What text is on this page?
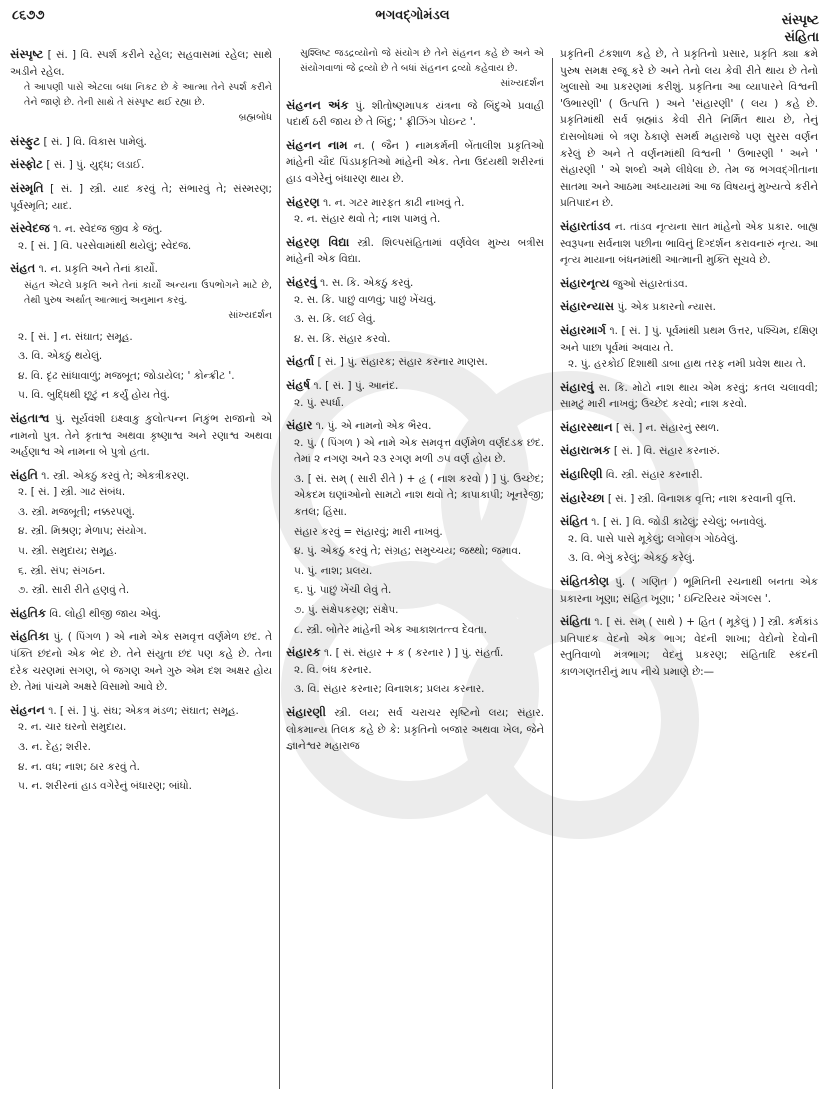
૮૬૭૭	ભગવદ્ગોમંડલ	સંસ્પૃષ્ટ
સંહિતા
સંસ્પૃષ્ટ [ સં. ] વિ. સ્પર્શ કરીને રહેલ; સહવાસમાં રહેલ; સાથે અડીને રહેલ.
તે આપણી પાસે એટલા બધા નિકટ છે કે આત્મા તેને સ્પર્શ કરીને તેને જાણે છે. તેની સાથે તે સંસ્પૃષ્ટ થઈ રહ્યા છે.
બ્રહ્મબોધ
સંસ્ફુટ [ સં. ] વિ. વિકાસ પામેલું.
સંસ્ફોટ [ સં. ] પું. યુદ્ધ; લડાઈ.
સંસ્મૃતિ [ સં. ] સ્ત્રી. યાદ કરવું તે; સંભારવું તે; સંસ્મરણ; પૂર્વસ્મૃતિ; યાદ.
સંસ્વેદજ ૧. ન. સ્વેદજ જીવ કે જંતુ.
૨. [ સં. ] વિ. પરસેવામાંથી થયેલું; સ્વેદજ.
સંહત ૧. ન. પ્રકૃતિ અને તેનાં કાર્યો.
સંહત એટલે પ્રકૃતિ અને તેનાં કાર્યો અન્યના ઉપભોગને માટે છે, તેથી પુરુષ અર્થાત્ આત્માનું અનુમાન કરવું.
સાંખ્યદર્શન
૨. [ સં. ] ન. સંઘાત; સમૂહ.
૩. વિ. એકઠું થયેલું.
૪. વિ. દૃઢ સાંધાવાળું; મજબૂત; જોડાયેલ; ' કોન્ક્રીટ '.
૫. વિ. બુદ્ધિથી છૂટું ન કર્યું હોય તેવું.
સંહતાશ્વ પું. સૂર્યવંશી ઇક્ષ્વાકુ કુલોત્પન્ન નિકુંભ રાજાનો એ નામનો પુત્ર. તેને કૃતાશ્વ અથવા કૃષ્ણાશ્વ અને રણાશ્વ અથવા અર્હણાશ્વ એ નામના બે પુત્રો હતા.
સંહતિ ૧. સ્ત્રી. એકઠું કરવું તે; એકત્રીકરણ.
૨. [ સં. ] સ્ત્રી. ગાઢ સંબંધ.
૩. સ્ત્રી. મજબૂતી; નક્કરપણું.
૪. સ્ત્રી. મિશ્રણ; મેળાપ; સંયોગ.
૫. સ્ત્રી. સમુદાય; સમૂહ.
૬. સ્ત્રી. સંપ; સંગઠન.
૭. સ્ત્રી. સારી રીતે હણવું તે.
સંહતિક વિ. લોહી થીજી જાય એવું.
સંહતિકા પું. ( પિંગળ ) એ નામે એક સમવૃત્ત વર્ણમેળ છંદ. તે પંક્તિ છંદનો એક ભેદ છે. તેને સંયુતા છંદ પણ કહે છે. તેના દરેક ચરણમાં સગણ, બે જગણ અને ગુરુ એમ દશ અક્ષર હોય છે. તેમાં પાંચમે અક્ષરે વિસામો આવે છે.
સંહનન ૧. [ સં. ] પું. સંઘ; એકત્ર મંડળ; સંઘાત; સમૂહ.
૨. ન. ચાર ઘરનો સમુદાય.
૩. ન. દેહ; શરીર.
૪. ન. વધ; નાશ; ઠાર કરવું તે.
૫. ન. શરીરનાં હાડ વગેરેનું બંધારણ; બાંધો.
સુશ્લિષ્ટ જડદ્રવ્યોનો જે સંયોગ છે તેને સંહનન કહે છે અને એ સંયોગવાળાં જે દ્રવ્યો છે તે બધાં સંહનન દ્રવ્યો કહેવાય છે.
સાંખ્યદર્શન
સંહનન અંક પું. શીતોષ્ણમાપક યંત્રના જે બિંદુએ પ્રવાહી પદાર્થ ઠરી જાય છે તે બિંદુ; ' ફ્રીઝિંગ પોઇન્ટ '.
સંહનન નામ ન. ( જૈન ) નામકર્મની બેંતાલીશ પ્રકૃતિઓ માંહેની ચૌદ પિંડપ્રકૃતિઓ માંહેની એક. તેના ઉદયથી શરીરનાં હાડ વગેરેનું બંધારણ થાય છે.
સંહરણ ૧. ન. ગટર મારફત કાઢી નાખવું તે.
૨. ન. સંહાર થવો તે; નાશ પામવું તે.
સંહરણ વિદ્યા સ્ત્રી. શિલ્પસંહિતામાં વર્ણવેલ મુખ્ય બત્રીસ માંહેની એક વિદ્યા.
સંહરવું ૧. સ. કિ. એકઠું કરવું.
૨. સ. કિ. પાછું વાળવું; પાછું ખેંચવું.
૩. સ. કિ. લઈ લેવું.
૪. સ. કિ. સંહાર કરવો.
સંહર્તા [ સં. ] પું. સંહારક; સંહાર કરનાર માણસ.
સંહર્ષ ૧. [ સં. ] પું. આનંદ.
૨. પું. સ્પર્ધા.
સંહાર ૧. પું. એ નામનો એક ભૈરવ.
૨. પું. ( પિંગળ ) એ નામે એક સમવૃત્ત વર્ણમેળ વર્ણદંડક છંદ. તેમાં ૨ નગણ અને ૨૩ રગણ મળી ૭૫ વર્ણ હોય છે.
૩. [ સં. સમ્ ( સારી રીતે ) + હૃ ( નાશ કરવો ) ] પું. ઉચ્છેદ; એકદમ ઘણાંઓનો સામટો નાશ થવો તે; કાપાકાપી; ખૂનરેજી; કતલ; હિંસા.
સંહાર કરવું = સંહારવું; મારી નાખવું.
૪. પું. એકઠું કરવું તે; સંગ્રહ; સમુચ્ચય; જથ્થો; જમાવ.
૫. પું. નાશ; પ્રલય.
૬. પું. પાછું ખેંચી લેવું તે.
૭. પું. સંક્ષેપકરણ; સંક્ષેપ.
૮. સ્ત્રી. બોતેર માંહેની એક આકાશતત્ત્વ દેવતા.
સંહારક ૧. [ સં. સંહાર + ક ( કરનાર ) ] પું. સંહર્તા.
૨. વિ. બંધ કરનાર.
૩. વિ. સંહાર કરનાર; વિનાશક; પ્રલય કરનાર.
સંહારણી સ્ત્રી. લય; સર્વ ચરાચર સૃષ્ટિનો લય; સંહાર. લોકમાન્ય તિલક કહે છે કે: પ્રકૃતિનો બજાર અથવા ખેલ, જેને જ્ઞાનેશ્વર મહારાજ
પ્રકૃતિની ટંકશાળ કહે છે, તે પ્રકૃતિનો પ્રસાર, પ્રકૃતિ ક્યા ક્રમે પુરુષ સમક્ષ રજૂ કરે છે અને તેનો લય કેવી રીતે થાય છે તેનો ખુલાસો આ પ્રકરણમાં કરીશું. પ્રકૃતિના આ વ્યાપારને વિશ્વની 'ઉભારણી' ( ઉત્પત્તિ ) અને 'સંહારણી' ( લય ) કહે છે. પ્રકૃતિમાંથી સર્વ બ્રહ્માંડ કેવી રીતે નિર્મિત થાય છે, તેનું દાસબોધમાં બે ત્રણ ઠેકાણે સમર્થ મહારાજે પણ સુરસ વર્ણન કરેલું છે અને તે વર્ણનમાંથી વિશ્વની ' ઉભારણી ' અને ' સંહારણી ' એ શબ્દો અમે લીધેલા છે. તેમ જ ભગવદ્ગીતાના સાતમા અને આઠમા અધ્યાયમાં આ જ વિષયનું મુખ્યત્વે કરીને પ્રતિપાદન છે.
સંહારતાંડવ ન. તાંડવ નૃત્યના સાત માંહેનો એક પ્રકાર. બાહ્ય સ્વરૂપના સર્વનાશ પછીના ભાવિનું દિગ્દર્શન કરાવનારું નૃત્ય. આ નૃત્ય માયાના બંધનમાંથી આત્માની મુક્તિ સૂચવે છે.
સંહારનૃત્ય જુઓ સંહારતાંડવ.
સંહારન્યાસ પું. એક પ્રકારનો ન્યાસ.
સંહારમાર્ગ ૧. [ સં. ] પું. પૂર્વમાંથી પ્રથમ ઉત્તર, પશ્ચિમ, દક્ષિણ અને પાછા પૂર્વમાં અવાય તે.
૨. પું. હરકોઈ દિશાથી ડાબા હાથ તરફ નમી પ્રવેશ થાય તે.
સંહારવું સ. કિ. મોટો નાશ થાય એમ કરવું; કતલ ચલાવવી; સામટું મારી નાખવું; ઉચ્છેદ કરવો; નાશ કરવો.
સંહારસ્થાન [ સં. ] ન. સંહારનું સ્થળ.
સંહારાત્મક [ સં. ] વિ. સંહાર કરનારું.
સંહારિણી વિ. સ્ત્રી. સંહાર કરનારી.
સંહારેચ્છા [ સં. ] સ્ત્રી. વિનાશક વૃત્તિ; નાશ કરવાની વૃત્તિ.
સંહિત ૧. [ સં. ] વિ. જોડી કાઢેલું; રચેલું; બનાવેલું.
૨. વિ. પાસે પાસે મૂકેલું; લગોલગ ગોઠવેલું.
૩. વિ. ભેગું કરેલું; એકઠું કરેલું.
સંહિતકોણ પું. ( ગણિત ) ભૂમિતિની રચનાથી બનતા એક પ્રકારના ખૂણા; સંહિત ખૂણા; ' ઇન્ટિરિયર ઍંગલ્સ '.
સંહિતા ૧. [ સં. સમ્ ( સાથે ) + હિત ( મૂકેલું ) ] સ્ત્રી. કર્મકાંડ પ્રતિપાદક વેદનો એક ભાગ; વેદની શાખા; વેદોનો દેવોની સ્તુતિવાળો મંત્રભાગ; વેદનું પ્રકરણ; સંહિતાદિ સ્કંદની કાળગણતરીનું માપ નીચે પ્રમાણે છે:—
